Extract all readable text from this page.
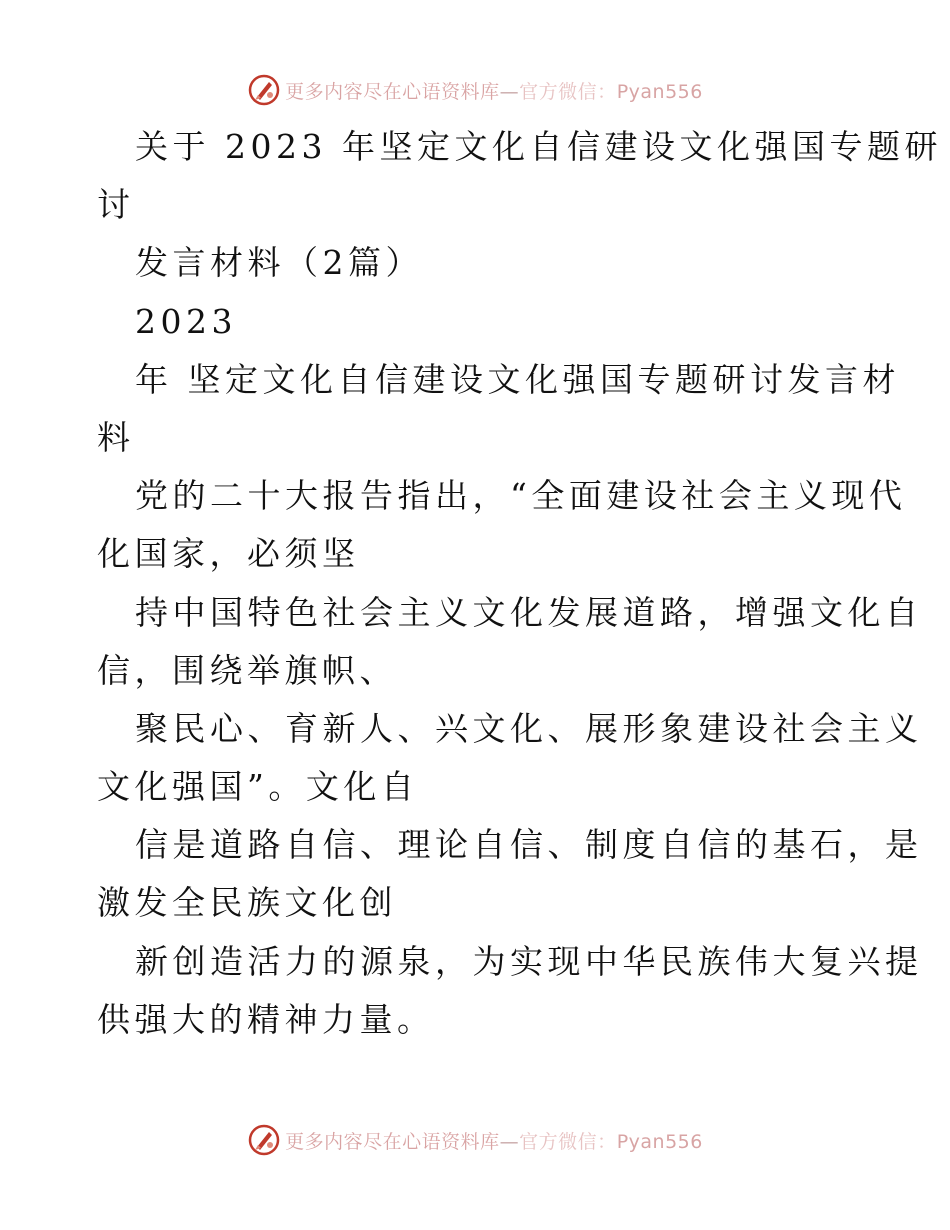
更多内容尽在心语资料库—官方微信：Pyan556
关于 2023 年坚定文化自信建设文化强国专题研
讨
发言材料（2篇）
2023
年 坚定文化自信建设文化强国专题研讨发言材
料
党的二十大报告指出，“全面建设社会主义现代
化国家，必须坚
持中国特色社会主义文化发展道路，增强文化自
信，围绕举旗帜、
聚民心、育新人、兴文化、展形象建设社会主义
文化强国”。文化自
信是道路自信、理论自信、制度自信的基石，是
激发全民族文化创
新创造活力的源泉，为实现中华民族伟大复兴提
供强大的精神力量。
更多内容尽在心语资料库—官方微信：Pyan556
